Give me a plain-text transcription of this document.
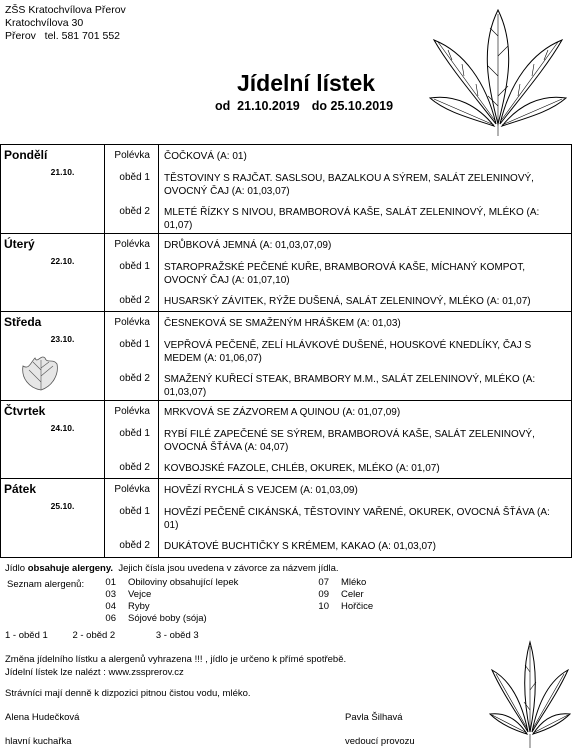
ZŠS Kratochvílova Přerov
Kratochvílova 30
Přerov   tel. 581 701 552
Jídelní lístek
od 21.10.2019 do 25.10.2019
Pondělí
21.10.	Polévka	ČOČKOVÁ (A: 01)
	oběd 1	TĚSTOVINY S RAJČAT. SASLSOU, BAZALKOU A SÝREM, SALÁT ZELENINOVÝ, OVOCNÝ ČAJ (A: 01,03,07)
	oběd 2	MLETÉ ŘÍZKY S NIVOU, BRAMBOROVÁ KAŠE, SALÁT ZELENINOVÝ, MLÉKO (A: 01,07)

Úterý
22.10.	Polévka	DRŮBKOVÁ JEMNÁ (A: 01,03,07,09)
	oběd 1	STAROPRAŽSKÉ PEČENÉ KUŘE, BRAMBOROVÁ KAŠE, MÍCHANÝ KOMPOT, OVOCNÝ ČAJ (A: 01,07,10)
	oběd 2	HUSARSKÝ ZÁVITEK, RÝŽE DUŠENÁ, SALÁT ZELENINOVÝ, MLÉKO (A: 01,07)

Středa
23.10.	Polévka	ČESNEKOVÁ SE SMAŽENÝM HRÁŠKEM (A: 01,03)
	oběd 1	VEPŘOVÁ PEČENĚ, ZELÍ HLÁVKOVÉ DUŠENÉ, HOUSKOVÉ KNEDLÍKY, ČAJ S MEDEM (A: 01,06,07)
	oběd 2	SMAŽENÝ KUŘECÍ STEAK, BRAMBORY M.M., SALÁT ZELENINOVÝ, MLÉKO (A: 01,03,07)

Čtvrtek
24.10.	Polévka	MRKVOVÁ SE ZÁZVOREM A QUINOU (A: 01,07,09)
	oběd 1	RYBÍ FILÉ ZAPEČENÉ SE SÝREM, BRAMBOROVÁ KAŠE, SALÁT ZELENINOVÝ, OVOCNÁ ŠŤÁVA (A: 04,07)
	oběd 2	KOVBOJSKÉ FAZOLE, CHLÉB, OKUREK, MLÉKO (A: 01,07)

Pátek
25.10.	Polévka	HOVĚZÍ RYCHLÁ S VEJCEM (A: 01,03,09)
	oběd 1	HOVĚZÍ PEČENĚ CIKÁNSKÁ, TĚSTOVINY VAŘENÉ, OKUREK, OVOCNÁ ŠŤÁVA (A: 01)
	oběd 2	DUKÁTOVÉ BUCHTIČKY S KRÉMEM, KAKAO (A: 01,03,07)
Jídlo obsahuje alergeny.  Jejich čísla jsou uvedena v závorce za názvem jídla.
Seznam alergenů: 01	Obiloviny obsahující lepek
03	Vejce
04	Ryby
06	Sójové boby (sója)
07	Mléko
09	Celer
10	Hořčice
1 - oběd 1	2 - oběd 2	3 - oběd 3
Změna jídelního lístku a alergenů vyhrazena !!! , jídlo je určeno k přímé spotřebě.
Jídelní lístek lze nalézt : www.zssprerov.cz
Strávníci mají denně k dizpozici pitnou čistou vodu, mléko.
Alena Hudečková
hlavní kuchařka
Pavla Šilhavá
vedoucí provozu
